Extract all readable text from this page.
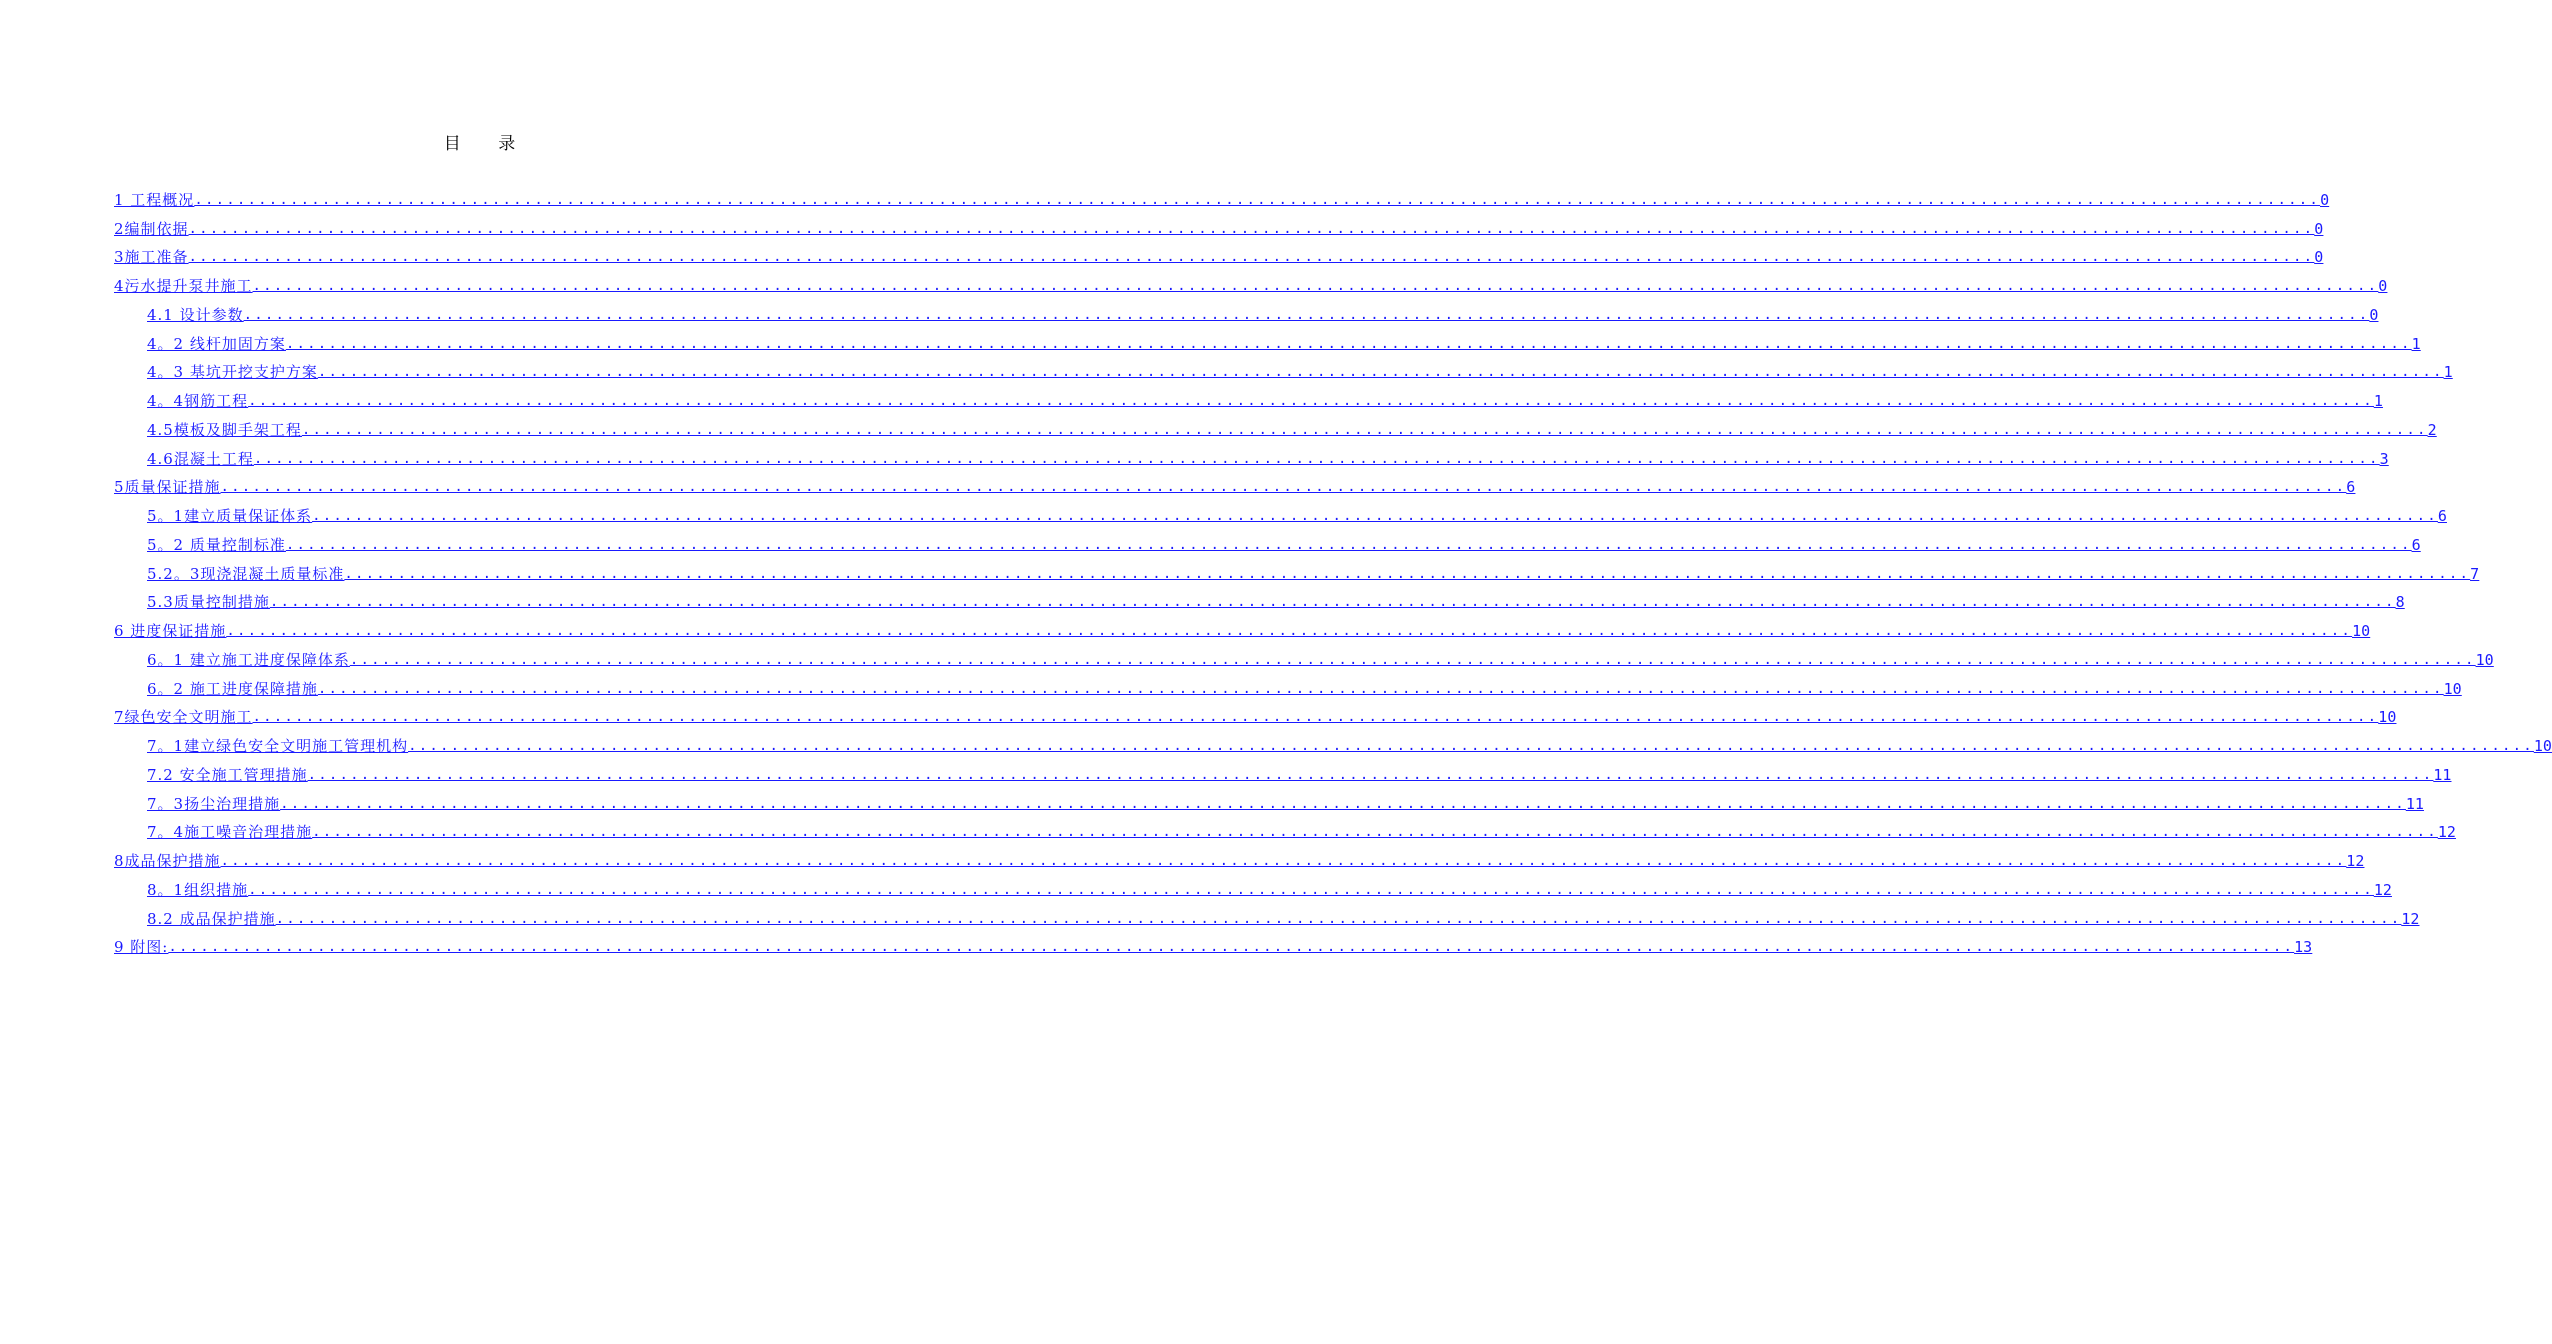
目 录
1 工程概况 ........................................................................................................................................................................................................ 0
2编制依据 ........................................................................................................................................................................................................ 0
3施工准备 ........................................................................................................................................................................................................ 0
4污水提升泵井施工 ........................................................................................................................................................................................................ 0
4.1 设计参数 ........................................................................................................................................................................................................ 0
4。2 线杆加固方案 ........................................................................................................................................................................................................ 1
4。3 基坑开挖支护方案 ........................................................................................................................................................................................................ 1
4。4钢筋工程 ........................................................................................................................................................................................................ 1
4.5模板及脚手架工程 ........................................................................................................................................................................................................ 2
4.6混凝土工程 ........................................................................................................................................................................................................ 3
5质量保证措施 ........................................................................................................................................................................................................ 6
5。1建立质量保证体系 ........................................................................................................................................................................................................ 6
5。2 质量控制标准 ........................................................................................................................................................................................................ 6
5.2。3现浇混凝土质量标准 ........................................................................................................................................................................................................ 7
5.3质量控制措施 ........................................................................................................................................................................................................ 8
6 进度保证措施 ........................................................................................................................................................................................................ 10
6。1 建立施工进度保障体系 ........................................................................................................................................................................................................ 10
6。2 施工进度保障措施 ........................................................................................................................................................................................................ 10
7绿色安全文明施工 ........................................................................................................................................................................................................ 10
7。1建立绿色安全文明施工管理机构 ........................................................................................................................................................................................................ 10
7.2 安全施工管理措施 ........................................................................................................................................................................................................ 11
7。3扬尘治理措施 ........................................................................................................................................................................................................ 11
7。4施工噪音治理措施 ........................................................................................................................................................................................................ 12
8成品保护措施 ........................................................................................................................................................................................................ 12
8。1组织措施 ........................................................................................................................................................................................................ 12
8.2 成品保护措施 ........................................................................................................................................................................................................ 12
9 附图: ........................................................................................................................................................................................................ 13
